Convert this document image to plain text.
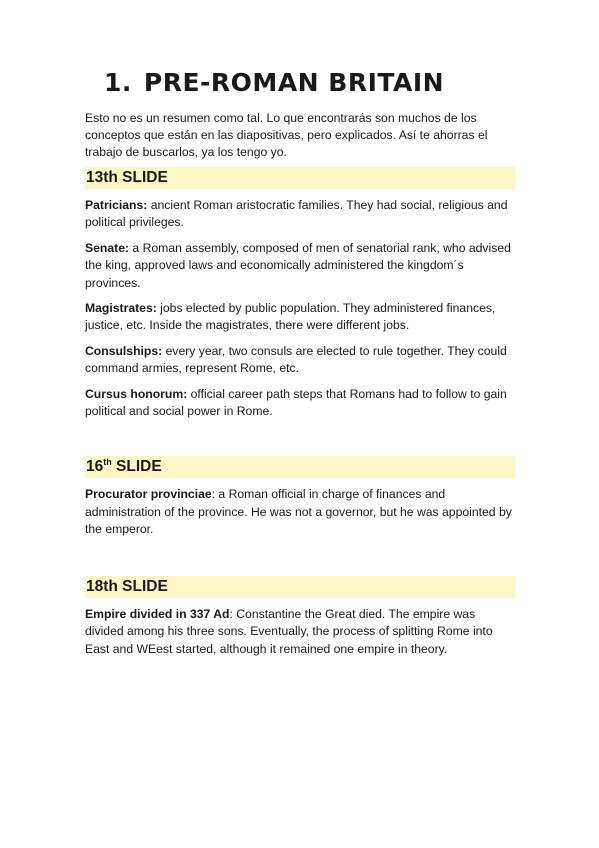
1. PRE-ROMAN BRITAIN

Esto no es un resumen como tal. Lo que encontrarás son muchos de los conceptos que están en las diapositivas, pero explicados. Así te ahorras el trabajo de buscarlos, ya los tengo yo.

13th SLIDE

Patricians: ancient Roman aristocratic families. They had social, religious and political privileges.

Senate: a Roman assembly, composed of men of senatorial rank, who advised the king, approved laws and economically administered the kingdom´s provinces.

Magistrates: jobs elected by public population. They administered finances, justice, etc. Inside the magistrates, there were different jobs.

Consulships: every year, two consuls are elected to rule together. They could command armies, represent Rome, etc.

Cursus honorum: official career path steps that Romans had to follow to gain political and social power in Rome.

16th SLIDE

Procurator provinciae: a Roman official in charge of finances and administration of the province. He was not a governor, but he was appointed by the emperor.

18th SLIDE

Empire divided in 337 Ad: Constantine the Great died. The empire was divided among his three sons. Eventually, the process of splitting Rome into East and WEest started, although it remained one empire in theory.
